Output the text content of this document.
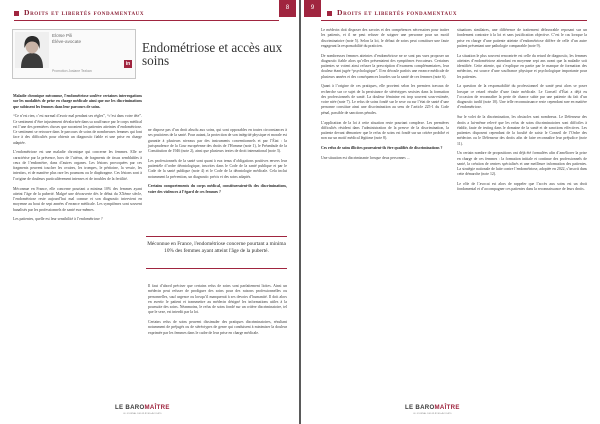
Droits et libertés fondamentaux	8
Eloïse Pili
Élève-avocate
in
Promotion Josiane Tezkan
Endométriose et accès aux soins

Maladie chronique méconnue, l'endométriose soulève certaines interrogations sur les modalités de prise en charge médicale ainsi que sur les discriminations que subissent les femmes dans leur parcours de soins.

“Ce n’est rien, c’est normal d’avoir mal pendant ses règles”, “c’est dans votre tête”. Ce sentiment d’être injustement dévalorisée dans sa souffrance par le corps médical est l’une des premières choses que racontent les patientes atteintes d’endométriose. Ce sentiment se retrouve dans le parcours de soins de nombreuses femmes qui font face à des difficultés pour obtenir un diagnostic fiable et une prise en charge adaptée.

L’endométriose est une maladie chronique qui concerne les femmes. Elle se caractérise par la présence, hors de l’utérus, de fragments de tissus semblables à ceux de l’endomètre, dans d’autres organes. Les lésions provoquées par ces fragments peuvent toucher les ovaires, les trompes, le péritoine, la vessie, les intestins, et de manière plus rare les poumons ou le diaphragme. Ces lésions sont à l’origine de douleurs particulièrement intenses et de troubles de la fertilité.

Méconnue en France, elle concerne pourtant a minima 10% des femmes ayant atteint l’âge de la puberté. Malgré une découverte dès le début du XXème siècle, l’endométriose reste aujourd’hui mal connue et son diagnostic intervient en moyenne au bout de sept années d’errance médicale. Les symptômes sont souvent banalisés par les professionnels de santé eux-mêmes.

Les patientes, quelle est leur sensibilité à l’endométriose ?

ne dispose pas d’un droit absolu aux soins, qui sont opposables en toutes circonstances à ses praticiens de la santé. Pour autant, la protection de son intégrité physique et morale est garantie à plusieurs niveaux par des instruments conventionnels et par l’État : la jurisprudence de la Cour européenne des droits de l’Homme (note 1), le Préambule de la Constitution de 1946 (note 2), ainsi que plusieurs textes de droit international (note 3).

Les professionnels de la santé sont quant à eux tenus d’obligations positives envers leur patientèle d’ordre déontologique, inscrites dans le Code de la santé publique et par le Code de la santé publique (note 4) et le Code de la déontologie médicale. Cela inclut notamment la prévention, un diagnostic précis et des soins adaptés.

Certains comportements du corps médical, constitueraient-ils des discriminations, voire des violences à l’égard de ces femmes ?

Méconnue en France, l'endométriose concerne pourtant a minima 10% des femmes ayant atteint l'âge de la puberté.

Il faut d’abord préciser que certains refus de soins sont parfaitement licites. Ainsi un médecin peut refuser de prodiguer des soins pour des raisons professionnelles ou personnelles, sauf urgence ou lorsqu’il manquerait à ses devoirs d’humanité. Il doit alors en avertir le patient et transmettre au médecin désigné les informations utiles à la poursuite des soins. Néanmoins, le refus de soins fondé sur un critère discriminatoire, tel que le sexe, est interdit par la loi.

Certains refus de soins peuvent dissimuler des pratiques discriminatoires, résultant notamment de préjugés ou de stéréotypes de genre qui conduisent à minimiser la douleur exprimée par les femmes dans le cadre de leur prise en charge médicale.

LE BAROMAÎTRE
LE JOURNAL DES ÉLÈVES-AVOCATS
9	Droits et libertés fondamentaux

Le médecin doit disposer des savoirs et des compétences nécessaires pour traiter les patients, et il ne peut refuser de soigner une personne pour un motif discriminatoire (note 5). Selon la loi, le défaut de soins peut constituer une faute engageant la responsabilité du praticien.

De nombreuses femmes atteintes d’endométriose ne se sont pas vues proposer un diagnostic fiable alors qu’elles présentaient des symptômes évocateurs. Certaines patientes se voient ainsi refuser la prescription d’examens complémentaires, leur douleur étant jugée “psychologique”. Il en découle parfois une errance médicale de plusieurs années et des conséquences lourdes sur la santé de ces femmes (note 6).

Quant à l’origine de ces pratiques, elle provient selon les premiers travaux de recherche sur ce sujet de la persistance de stéréotypes sexistes dans la formation des professionnels de santé. La douleur féminine est trop souvent sous-estimée, voire niée (note 7). Le refus de soins fondé sur le sexe ou sur l’état de santé d’une personne constitue ainsi une discrimination au sens de l’article 225-1 du Code pénal, passible de sanctions pénales.

L’application de la loi à cette situation reste pourtant complexe. Les premières difficultés résident dans l’administration de la preuve de la discrimination, la patiente devant démontrer que le refus de soins est fondé sur un critère prohibé et non sur un motif médical légitime (note 8).

Ces refus de soins illicites pourraient-ils être qualifiés de discriminations ?

Une situation est discriminante lorsque deux personnes ...

situations similaires, une différence de traitement défavorable reposant sur un fondement contraire à la loi et sans justification objective. C’est le cas lorsque la prise en charge d’une patiente atteinte d’endométriose diffère de celle d’un autre patient présentant une pathologie comparable (note 9).

La situation le plus souvent rencontrée est celle du retard de diagnostic, les femmes atteintes d’endométriose attendant en moyenne sept ans avant que la maladie soit identifiée. Cette attente, qui s’explique en partie par le manque de formation des médecins, est source d’une souffrance physique et psychologique importante pour les patientes.

La question de la responsabilité du professionnel de santé peut alors se poser lorsque ce retard résulte d’une faute médicale. Le Conseil d’État a déjà eu l’occasion de reconnaître la perte de chance subie par une patiente du fait d’un diagnostic tardif (note 10). Une telle reconnaissance reste cependant rare en matière d’endométriose.

Sur le volet de la discrimination, les obstacles sont nombreux. Le Défenseur des droits a lui-même relevé que les refus de soins discriminatoires sont difficiles à établir, faute de testing dans le domaine de la santé et de sanctions effectives. Les patientes disposent cependant de la faculté de saisir le Conseil de l’Ordre des médecins ou le Défenseur des droits afin de faire reconnaître leur préjudice (note 11).

Un certain nombre de propositions ont déjà été formulées afin d’améliorer la prise en charge de ces femmes : la formation initiale et continue des professionnels de santé, la création de centres spécialisés et une meilleure information des patientes. La stratégie nationale de lutte contre l’endométriose, adoptée en 2022, s’inscrit dans cette démarche (note 12).

Le rôle de l’avocat est alors de rappeler que l’accès aux soins est un droit fondamental et d’accompagner ces patientes dans la reconnaissance de leurs droits.

LE BAROMAÎTRE
LE JOURNAL DES ÉLÈVES-AVOCATS
